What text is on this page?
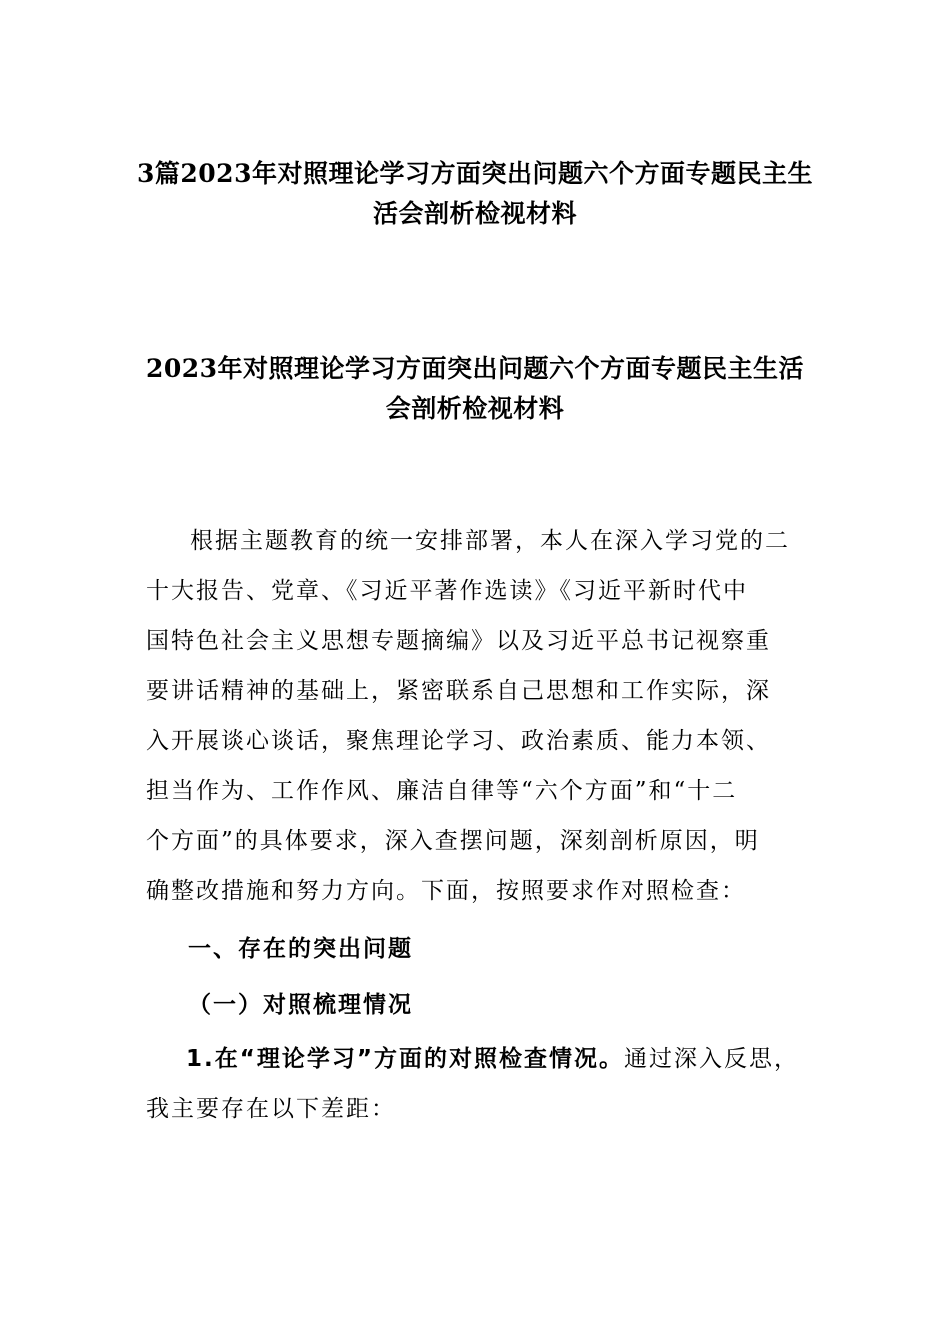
3篇2023年对照理论学习方面突出问题六个方面专题民主生
活会剖析检视材料
2023年对照理论学习方面突出问题六个方面专题民主生活
会剖析检视材料
根据主题教育的统一安排部署，本人在深入学习党的二
十大报告、党章、《习近平著作选读》《习近平新时代中
国特色社会主义思想专题摘编》以及习近平总书记视察重
要讲话精神的基础上，紧密联系自己思想和工作实际，深
入开展谈心谈话，聚焦理论学习、政治素质、能力本领、
担当作为、工作作风、廉洁自律等“六个方面”和“十二
个方面”的具体要求，深入查摆问题，深刻剖析原因，明
确整改措施和努力方向。下面，按照要求作对照检查：
一、存在的突出问题
（一）对照梳理情况
1.在“理论学习”方面的对照检查情况。通过深入反思，
我主要存在以下差距：
